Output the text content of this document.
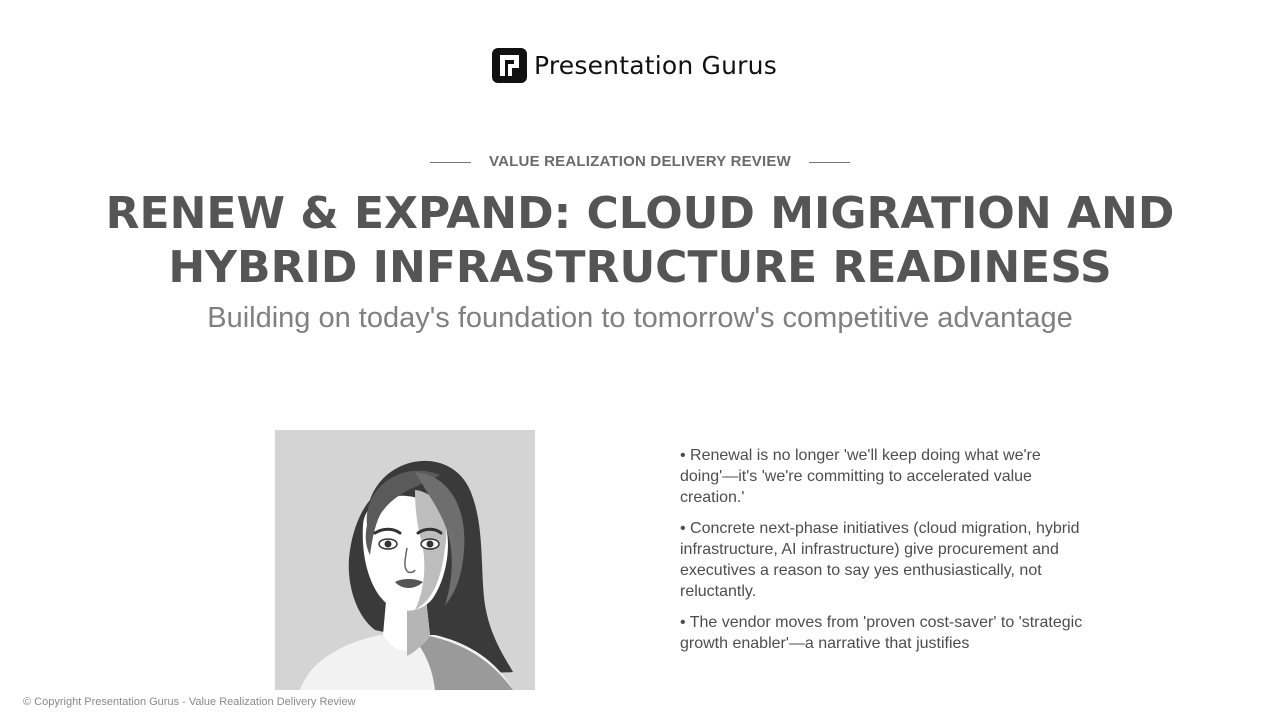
Presentation Gurus
VALUE REALIZATION DELIVERY REVIEW
RENEW & EXPAND: CLOUD MIGRATION AND
HYBRID INFRASTRUCTURE READINESS

Building on today's foundation to tomorrow's competitive advantage

• Renewal is no longer 'we'll keep doing what we're doing'—it's 'we're committing to accelerated value creation.'
• Concrete next-phase initiatives (cloud migration, hybrid infrastructure, AI infrastructure) give procurement and executives a reason to say yes enthusiastically, not reluctantly.
• The vendor moves from 'proven cost-saver' to 'strategic growth enabler'—a narrative that justifies
© Copyright Presentation Gurus - Value Realization Delivery Review
